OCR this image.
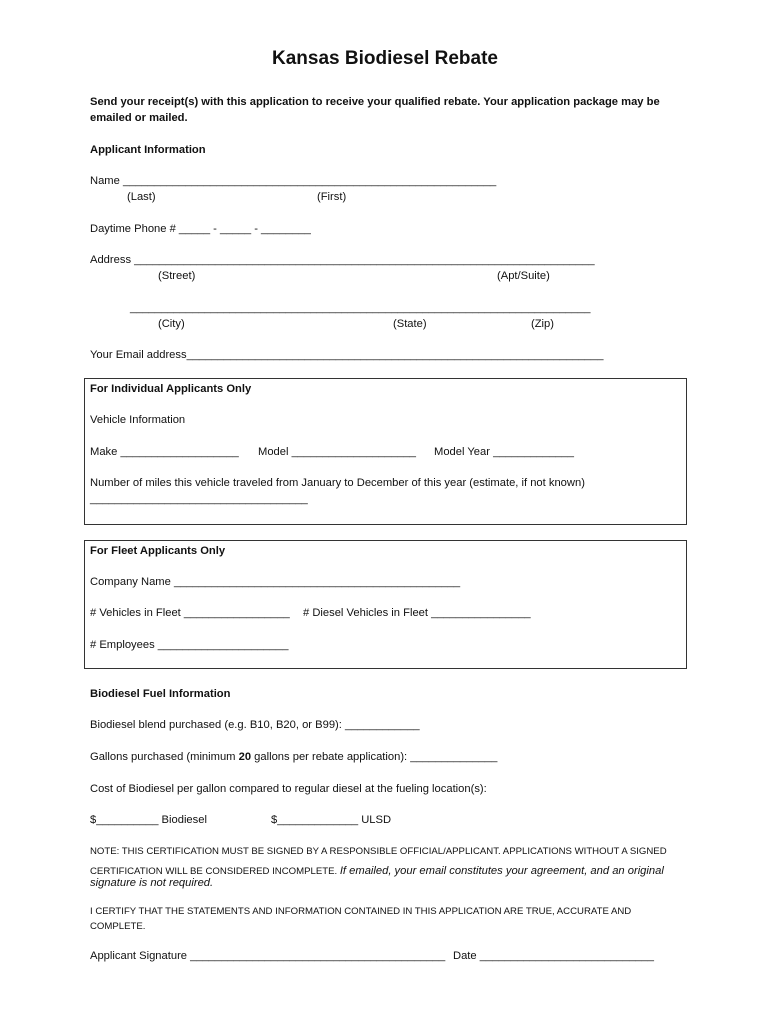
Kansas Biodiesel Rebate
Send your receipt(s) with this application to receive your qualified rebate. Your application package may be
emailed or mailed.
Applicant Information
Name ____________________________________________________________
(Last)	(First)
Daytime Phone # _____ - _____ - ________
Address __________________________________________________________________________
(Street)	(Apt/Suite)
__________________________________________________________________________
(City)	(State)	(Zip)
Your Email address___________________________________________________________________
For Individual Applicants Only
Vehicle Information
Make ___________________ Model ____________________ Model Year _____________
Number of miles this vehicle traveled from January to December of this year (estimate, if not known)
___________________________________
For Fleet Applicants Only
Company Name ______________________________________________
# Vehicles in Fleet _________________ # Diesel Vehicles in Fleet ________________
# Employees _____________________
Biodiesel Fuel Information
Biodiesel blend purchased (e.g. B10, B20, or B99): ____________
Gallons purchased (minimum 20 gallons per rebate application): ______________
Cost of Biodiesel per gallon compared to regular diesel at the fueling location(s):
$__________ Biodiesel	$_____________ ULSD
NOTE: THIS CERTIFICATION MUST BE SIGNED BY A RESPONSIBLE OFFICIAL/APPLICANT. APPLICATIONS WITHOUT A SIGNED
CERTIFICATION WILL BE CONSIDERED INCOMPLETE. If emailed, your email constitutes your agreement, and an original
signature is not required.
I CERTIFY THAT THE STATEMENTS AND INFORMATION CONTAINED IN THIS APPLICATION ARE TRUE, ACCURATE AND
COMPLETE.
Applicant Signature _________________________________________ Date ____________________________
